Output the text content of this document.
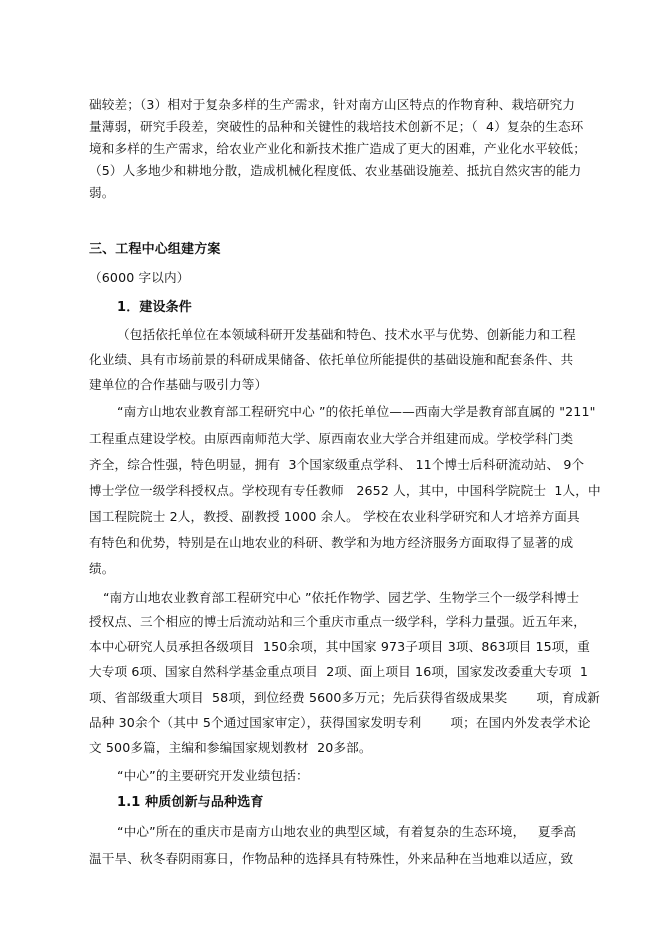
础较差；（3）相对于复杂多样的生产需求，针对南方山区特点的作物育种、栽培研究力
量薄弱，研究手段差，突破性的品种和关键性的栽培技术创新不足；（  4）复杂的生态环
境和多样的生产需求，给农业产业化和新技术推广造成了更大的困难，产业化水平较低；
（5）人多地少和耕地分散，造成机械化程度低、农业基础设施差、抵抗自然灾害的能力
弱。
三、工程中心组建方案
（6000 字以内）
1．建设条件
（包括依托单位在本领域科研开发基础和特色、技术水平与优势、创新能力和工程
化业绩、具有市场前景的科研成果储备、依托单位所能提供的基础设施和配套条件、共
建单位的合作基础与吸引力等）
“南方山地农业教育部工程研究中心 ”的依托单位——西南大学是教育部直属的 "211"
工程重点建设学校。由原西南师范大学、原西南农业大学合并组建而成。学校学科门类
齐全，综合性强，特色明显，拥有  3个国家级重点学科、 11个博士后科研流动站、 9个
博士学位一级学科授权点。学校现有专任教师   2652 人，其中，中国科学院院士  1人，中
国工程院院士 2人，教授、副教授 1000 余人。 学校在农业科学研究和人才培养方面具
有特色和优势，特别是在山地农业的科研、教学和为地方经济服务方面取得了显著的成
绩。
“南方山地农业教育部工程研究中心 ”依托作物学、园艺学、生物学三个一级学科博士
授权点、三个相应的博士后流动站和三个重庆市重点一级学科，学科力量强。近五年来，
本中心研究人员承担各级项目  150余项，其中国家 973子项目 3项、863项目 15项，重
大专项 6项、国家自然科学基金重点项目  2项、面上项目 16项，国家发改委重大专项  1
项、省部级重大项目  58项，到位经费 5600多万元；先后获得省级成果奖       项，育成新
品种 30余个（其中 5个通过国家审定），获得国家发明专利       项；在国内外发表学术论
文 500多篇，主编和参编国家规划教材  20多部。
“中心”的主要研究开发业绩包括：
1.1 种质创新与品种选育
“中心”所在的重庆市是南方山地农业的典型区域，有着复杂的生态环境，   夏季高
温干旱、秋冬春阴雨寡日，作物品种的选择具有特殊性，外来品种在当地难以适应，致
